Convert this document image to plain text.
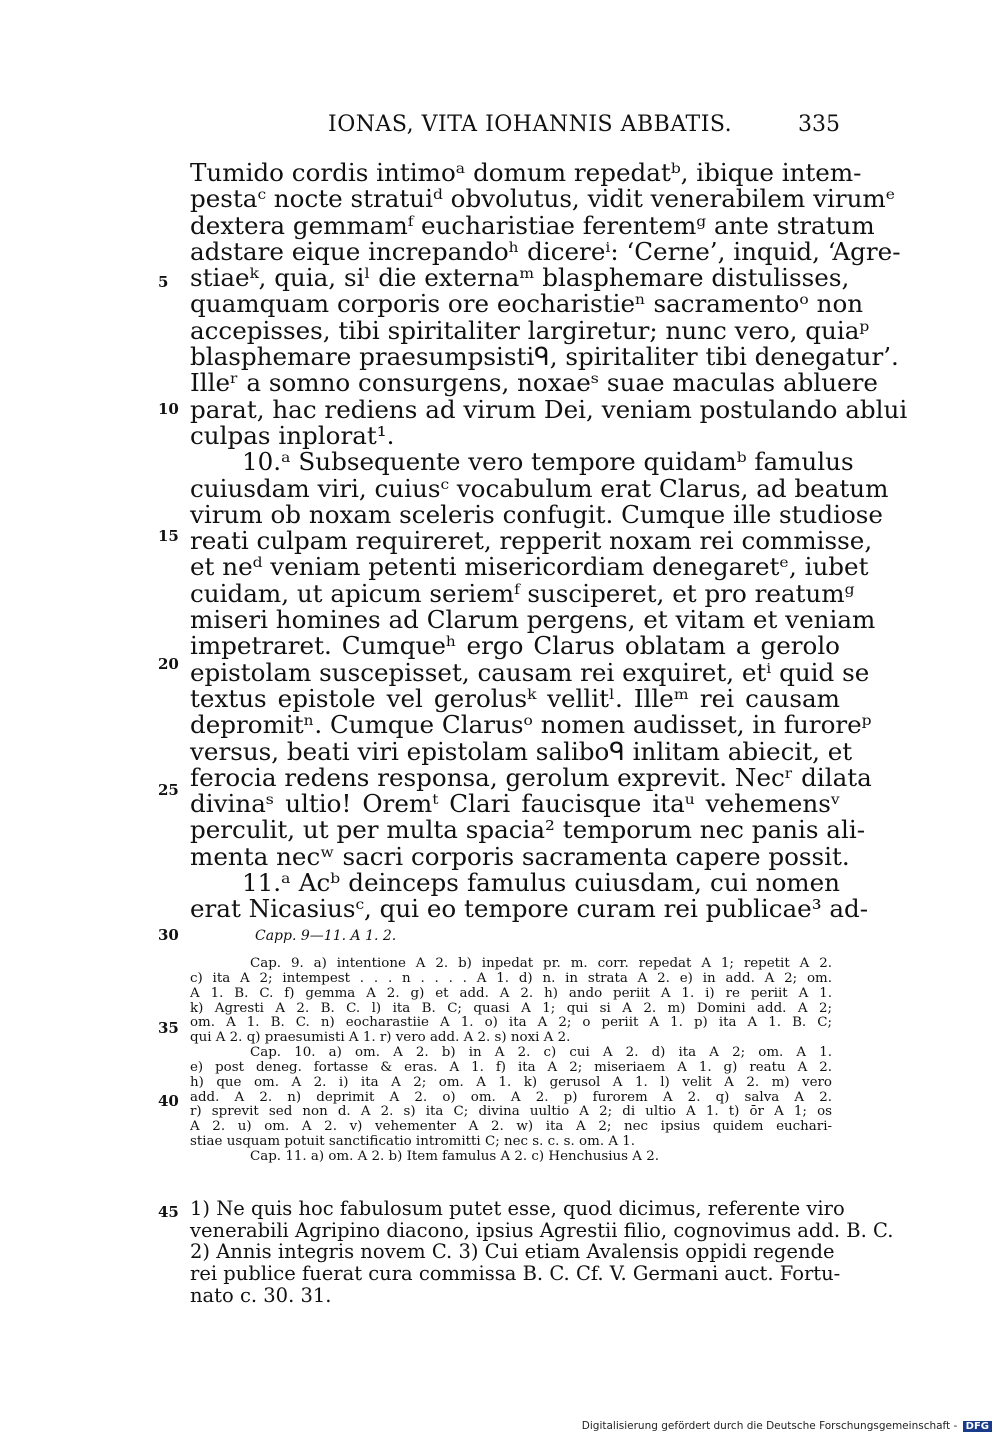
IONAS, VITA IOHANNIS ABBATIS.	335
Tumido cordis intimoᵃ domum repedatᵇ, ibique intem-
pestaᶜ nocte stratuiᵈ obvolutus, vidit venerabilem virumᵉ
dextera gemmamᶠ eucharistiae ferentemᵍ ante stratum
adstare eique increpandoʰ dicereⁱ: ‘Cerne’, inquid, ‘Agre-
stiaeᵏ, quia, siˡ die externaᵐ blasphemare distulisses,
quamquam corporis ore eocharistieⁿ sacramentoᵒ non
accepisses, tibi spiritaliter largiretur; nunc vero, quiaᵖ
blasphemare praesumpsistiᑫ, spiritaliter tibi denegatur’.
Illeʳ a somno consurgens, noxaeˢ suae maculas abluere
parat, hac rediens ad virum Dei, veniam postulando ablui
culpas inplorat¹.
10.ᵃ Subsequente vero tempore quidamᵇ famulus
cuiusdam viri, cuiusᶜ vocabulum erat Clarus, ad beatum
virum ob noxam sceleris confugit. Cumque ille studiose
reati culpam requireret, repperit noxam rei commisse,
et neᵈ veniam petenti misericordiam denegaretᵉ, iubet
cuidam, ut apicum seriemᶠ susciperet, et pro reatumᵍ
miseri homines ad Clarum pergens, et vitam et veniam
impetraret. Cumqueʰ ergo Clarus oblatam a gerolo
epistolam suscepisset, causam rei exquiret, etⁱ quid se
textus epistole vel gerolusᵏ vellitˡ. Illeᵐ rei causam
depromitⁿ. Cumque Clarusᵒ nomen audisset, in furoreᵖ
versus, beati viri epistolam saliboᑫ inlitam abiecit, et
ferocia redens responsa, gerolum exprevit. Necʳ dilata
divinaˢ ultio! Oremᵗ Clari faucisque itaᵘ vehemensᵛ
perculit, ut per multa spacia² temporum nec panis ali-
menta necʷ sacri corporis sacramenta capere possit.
11.ᵃ Acᵇ deinceps famulus cuiusdam, cui nomen
erat Nicasiusᶜ, qui eo tempore curam rei publicae³ ad-
5
10
15
20
25
30
35
40
45
Capp. 9—11. A 1. 2.
Cap. 9. a) intentione A 2. b) inpedat pr. m. corr. repedat A 1; repetit A 2.
c) ita A 2; intempest . . . n . . . . A 1. d) n. in strata A 2. e) in add. A 2; om.
A 1. B. C. f) gemma A 2. g) et add. A 2. h) ando periit A 1. i) re periit A 1.
k) Agresti A 2. B. C. l) ita B. C; quasi A 1; qui si A 2. m) Domini add. A 2;
om. A 1. B. C. n) eocharastiie A 1. o) ita A 2; o periit A 1. p) ita A 1. B. C;
qui A 2. q) praesumisti A 1. r) vero add. A 2. s) noxi A 2.
Cap. 10. a) om. A 2. b) in A 2. c) cui A 2. d) ita A 2; om. A 1.
e) post deneg. fortasse & eras. A 1. f) ita A 2; miseriaem A 1. g) reatu A 2.
h) que om. A 2. i) ita A 2; om. A 1. k) gerusol A 1. l) velit A 2. m) vero
add. A 2. n) deprimit A 2. o) om. A 2. p) furorem A 2. q) salva A 2.
r) sprevit sed non d. A 2. s) ita C; divina uultio A 2; di ultio A 1. t) ōr A 1; os
A 2. u) om. A 2. v) vehementer A 2. w) ita A 2; nec ipsius quidem euchari-
stiae usquam potuit sanctificatio intromitti C; nec s. c. s. om. A 1.
Cap. 11. a) om. A 2. b) Item famulus A 2. c) Henchusius A 2.
1) Ne quis hoc fabulosum putet esse, quod dicimus, referente viro
venerabili Agripino diacono, ipsius Agrestii filio, cognovimus add. B. C.
2) Annis integris novem C. 3) Cui etiam Avalensis oppidi regende
rei publice fuerat cura commissa B. C. Cf. V. Germani auct. Fortu-
nato c. 30. 31.
Digitalisierung gefördert durch die Deutsche Forschungsgemeinschaft - DFG
